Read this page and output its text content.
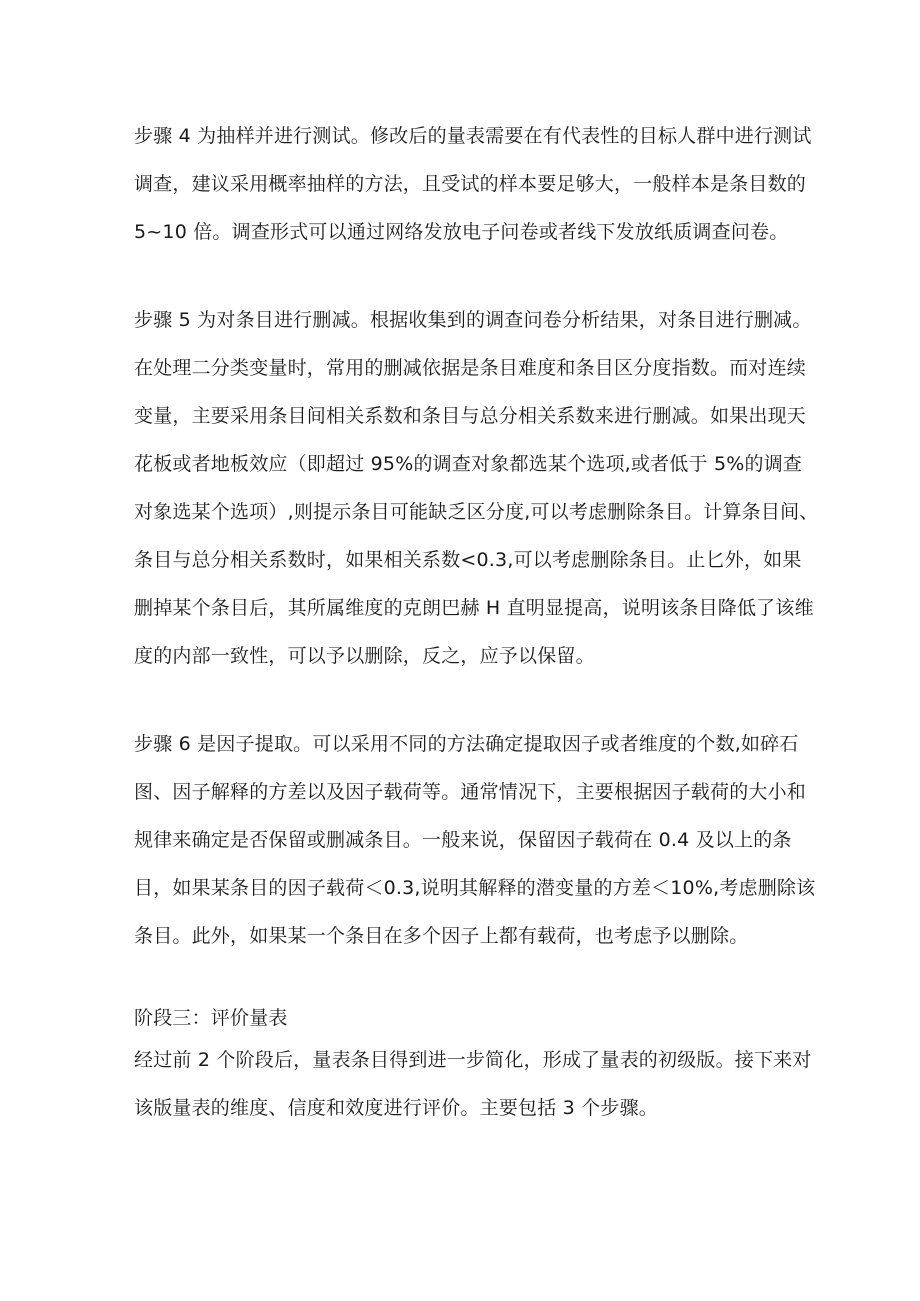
步骤 4 为抽样并进行测试。修改后的量表需要在有代表性的目标人群中进行测试调查，建议采用概率抽样的方法，且受试的样本要足够大，一般样本是条目数的 5~10 倍。调查形式可以通过网络发放电子问卷或者线下发放纸质调查问卷。

步骤 5 为对条目进行删减。根据收集到的调查问卷分析结果，对条目进行删减。在处理二分类变量时，常用的删减依据是条目难度和条目区分度指数。而对连续变量，主要采用条目间相关系数和条目与总分相关系数来进行删减。如果出现天花板或者地板效应（即超过 95%的调查对象都选某个选项,或者低于 5%的调查对象选某个选项）,则提示条目可能缺乏区分度,可以考虑删除条目。计算条目间、条目与总分相关系数时，如果相关系数<0.3,可以考虑删除条目。止匕外，如果删掉某个条目后，其所属维度的克朗巴赫 H 直明显提高，说明该条目降低了该维度的内部一致性，可以予以删除，反之，应予以保留。

步骤 6 是因子提取。可以采用不同的方法确定提取因子或者维度的个数,如碎石图、因子解释的方差以及因子载荷等。通常情况下，主要根据因子载荷的大小和规律来确定是否保留或删减条目。一般来说，保留因子载荷在 0.4 及以上的条目，如果某条目的因子载荷＜0.3,说明其解释的潜变量的方差＜10%,考虑删除该条目。此外，如果某一个条目在多个因子上都有载荷，也考虑予以删除。

阶段三：评价量表

经过前 2 个阶段后，量表条目得到进一步简化，形成了量表的初级版。接下来对该版量表的维度、信度和效度进行评价。主要包括 3 个步骤。
